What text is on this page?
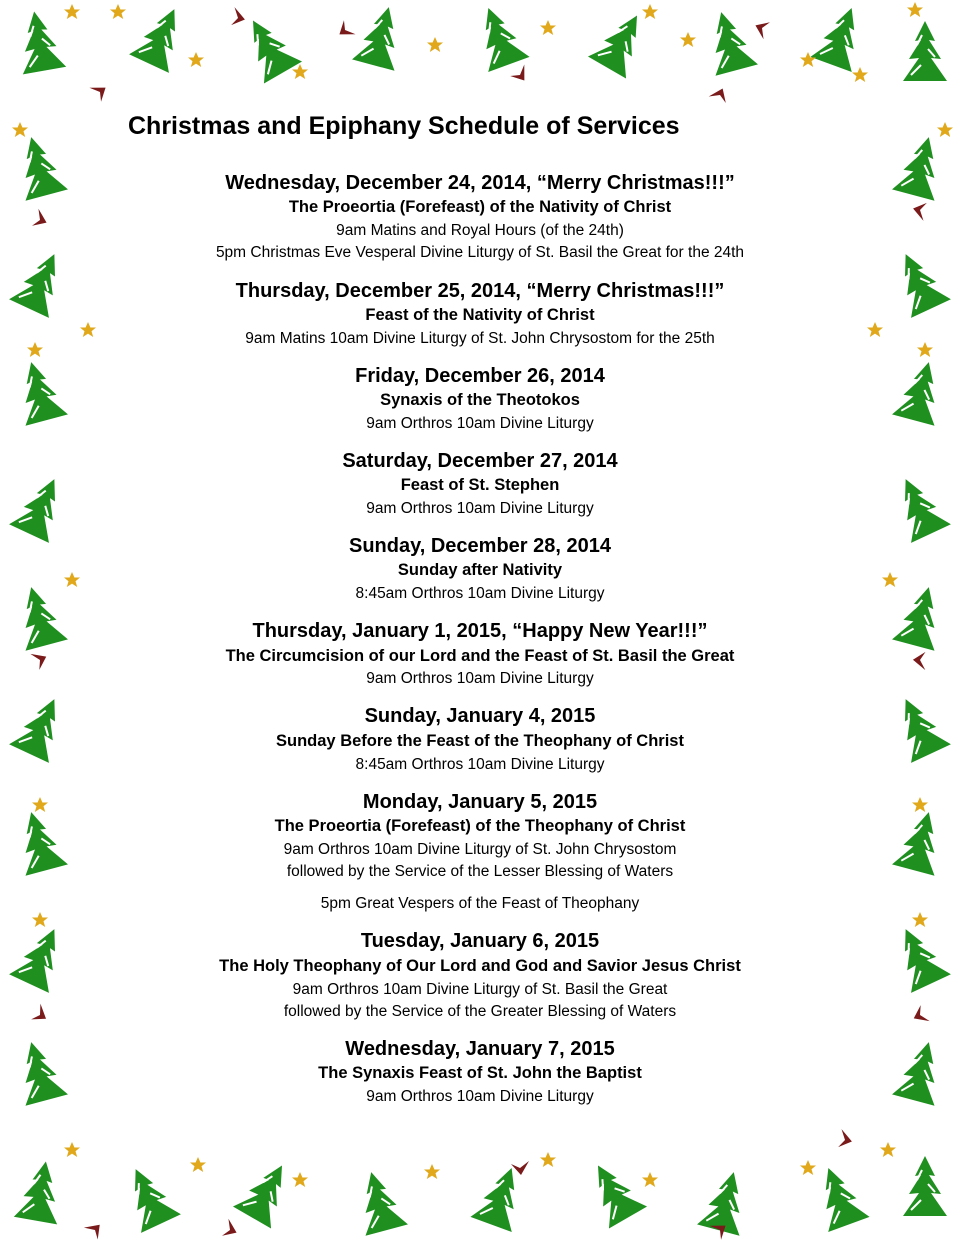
Christmas and Epiphany Schedule of Services
Wednesday, December 24, 2014, “Merry Christmas!!!”
The Proeortia (Forefeast) of the Nativity of Christ
9am Matins and Royal Hours (of the 24th)
5pm Christmas Eve Vesperal Divine Liturgy of St. Basil the Great for the 24th
Thursday, December 25, 2014, “Merry Christmas!!!”
Feast of the Nativity of Christ
9am Matins 10am Divine Liturgy of St. John Chrysostom for the 25th
Friday, December 26, 2014
Synaxis of the Theotokos
9am Orthros 10am Divine Liturgy
Saturday, December 27, 2014
Feast of St. Stephen
9am Orthros 10am Divine Liturgy
Sunday, December 28, 2014
Sunday after Nativity
8:45am Orthros 10am Divine Liturgy
Thursday, January 1, 2015, “Happy New Year!!!”
The Circumcision of our Lord and the Feast of St. Basil the Great
9am Orthros 10am Divine Liturgy
Sunday, January 4, 2015
Sunday Before the Feast of the Theophany of Christ
8:45am Orthros 10am Divine Liturgy
Monday, January 5, 2015
The Proeortia (Forefeast) of the Theophany of Christ
9am Orthros 10am Divine Liturgy of St. John Chrysostom
followed by the Service of the Lesser Blessing of Waters
5pm Great Vespers of the Feast of Theophany
Tuesday, January 6, 2015
The Holy Theophany of Our Lord and God and Savior Jesus Christ
9am Orthros 10am Divine Liturgy of St. Basil the Great
followed by the Service of the Greater Blessing of Waters
Wednesday, January 7, 2015
The Synaxis Feast of St. John the Baptist
9am Orthros 10am Divine Liturgy
